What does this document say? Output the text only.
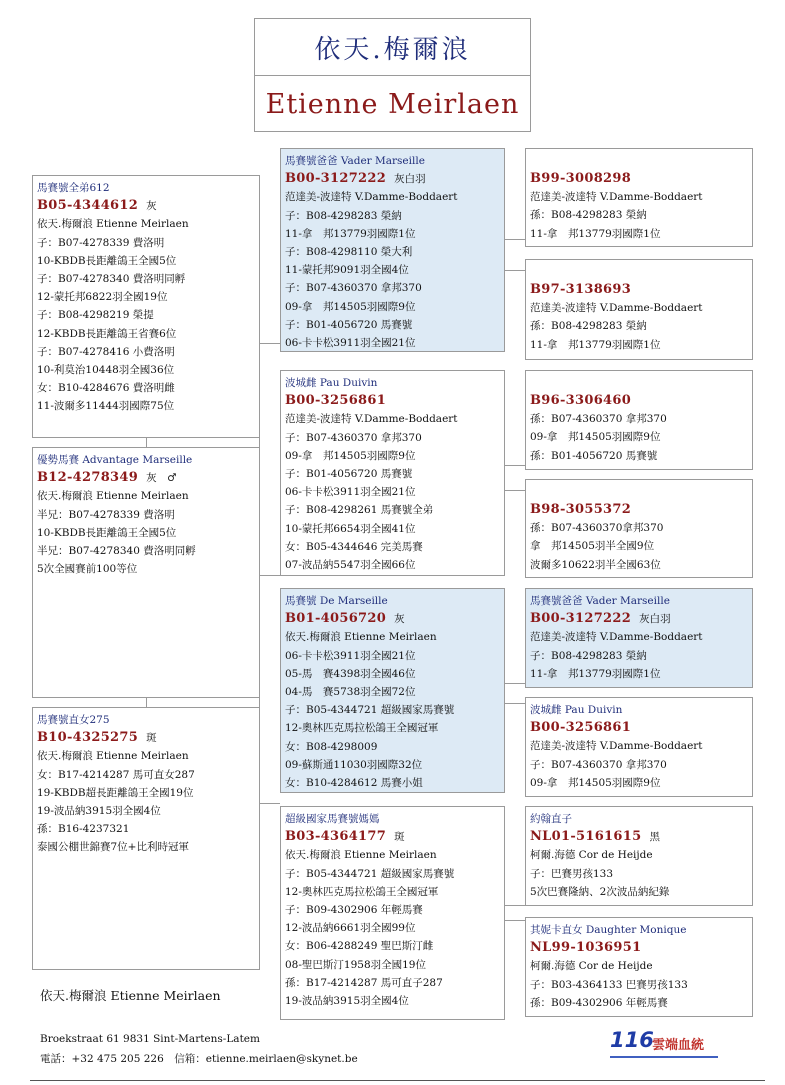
依天.梅爾浪
Etienne Meirlaen
馬賽號全弟612
B05-4344612 灰
依天.梅爾浪 Etienne Meirlaen
子：B07-4278339 費洛明
10-KBDB長距離鴿王全國5位
子：B07-4278340 費洛明同孵
12-蒙托邦6822羽全國19位
子：B08-4298219 榮提
12-KBDB長距離鴿王省賽6位
子：B07-4278416 小費洛明
10-利莫治10448羽全國36位
女：B10-4284676 費洛明雌
11-波爾多11444羽國際75位
優勢馬賽 Advantage Marseille
B12-4278349 灰　♂
依天.梅爾浪 Etienne Meirlaen
半兄：B07-4278339 費洛明
10-KBDB長距離鴿王全國5位
半兄：B07-4278340 費洛明同孵
5次全國賽前100等位
馬賽號直女275
B10-4325275 斑
依天.梅爾浪 Etienne Meirlaen
女：B17-4214287 馬可直女287
19-KBDB超長距離鴿王全國19位
19-波品納3915羽全國4位
孫：B16-4237321
泰國公棚世錦賽7位+比利時冠軍
馬賽號爸爸 Vader Marseille
B00-3127222 灰白羽
范達美-波達特 V.Damme-Boddaert
子：B08-4298283 榮納
11-拿　邦13779羽國際1位
子：B08-4298110 榮大利
11-蒙托邦9091羽全國4位
子：B07-4360370 拿邦370
09-拿　邦14505羽國際9位
子：B01-4056720 馬賽號
06-卡卡松3911羽全國21位
波城雌 Pau Duivin
B00-3256861
范達美-波達特 V.Damme-Boddaert
子：B07-4360370 拿邦370
09-拿　邦14505羽國際9位
子：B01-4056720 馬賽號
06-卡卡松3911羽全國21位
子：B08-4298261 馬賽號全弟
10-蒙托邦6654羽全國41位
女：B05-4344646 完美馬賽
07-波品納5547羽全國66位
馬賽號 De Marseille
B01-4056720 灰
依天.梅爾浪 Etienne Meirlaen
06-卡卡松3911羽全國21位
05-馬　賽4398羽全國46位
04-馬　賽5738羽全國72位
子：B05-4344721 超級國家馬賽號
12-奧林匹克馬拉松鴿王全國冠軍
女：B08-4298009
09-蘇斯通11030羽國際32位
女：B10-4284612 馬賽小姐
超級國家馬賽號媽媽
B03-4364177 斑
依天.梅爾浪 Etienne Meirlaen
子：B05-4344721 超級國家馬賽號
12-奧林匹克馬拉松鴿王全國冠軍
子：B09-4302906 年輕馬賽
12-波品納6661羽全國99位
女：B06-4288249 聖巴斯汀雌
08-聖巴斯汀1958羽全國19位
孫：B17-4214287 馬可直子287
19-波品納3915羽全國4位
B99-3008298
范達美-波達特 V.Damme-Boddaert
孫：B08-4298283 榮納
11-拿　邦13779羽國際1位
B97-3138693
范達美-波達特 V.Damme-Boddaert
孫：B08-4298283 榮納
11-拿　邦13779羽國際1位
B96-3306460
孫：B07-4360370 拿邦370
09-拿　邦14505羽國際9位
孫：B01-4056720 馬賽號
B98-3055372
孫：B07-4360370拿邦370
拿　邦14505羽半全國9位
波爾多10622羽半全國63位
馬賽號爸爸 Vader Marseille
B00-3127222 灰白羽
范達美-波達特 V.Damme-Boddaert
子：B08-4298283 榮納
11-拿　邦13779羽國際1位
波城雌 Pau Duivin
B00-3256861
范達美-波達特 V.Damme-Boddaert
子：B07-4360370 拿邦370
09-拿　邦14505羽國際9位
約翰直子
NL01-5161615 黑
柯爾.海德 Cor de Heijde
子：巴賽男孩133
5次巴賽隆納、2次波品納紀錄
其妮卡直女 Daughter Monique
NL99-1036951
柯爾.海德 Cor de Heijde
子：B03-4364133 巴賽男孩133
孫：B09-4302906 年輕馬賽
依天.梅爾浪 Etienne Meirlaen
Broekstraat 61 9831 Sint-Martens-Latem
電話：+32 475 205 226　信箱：etienne.meirlaen@skynet.be
116
雲端血統
